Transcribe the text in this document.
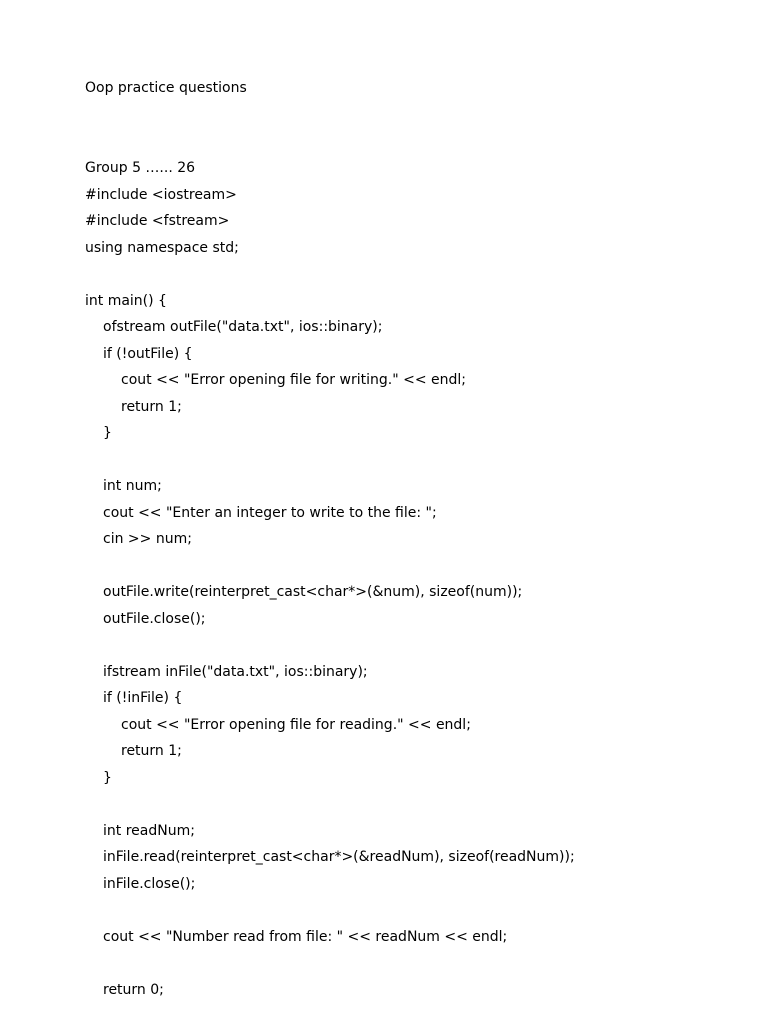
Oop practice questions
Group 5 …... 26
#include <iostream>
#include <fstream>
using namespace std;
int main() {
ofstream outFile("data.txt", ios::binary);
if (!outFile) {
cout << "Error opening file for writing." << endl;
return 1;
}
int num;
cout << "Enter an integer to write to the file: ";
cin >> num;
outFile.write(reinterpret_cast<char*>(&num), sizeof(num));
outFile.close();
ifstream inFile("data.txt", ios::binary);
if (!inFile) {
cout << "Error opening file for reading." << endl;
return 1;
}
int readNum;
inFile.read(reinterpret_cast<char*>(&readNum), sizeof(readNum));
inFile.close();
cout << "Number read from file: " << readNum << endl;
return 0;
